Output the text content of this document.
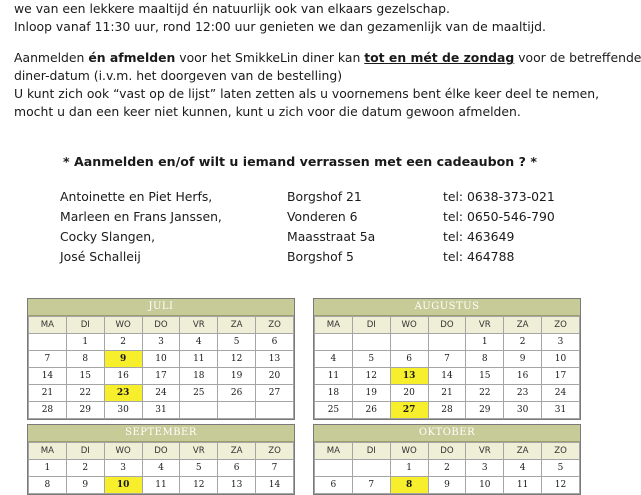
we van een lekkere maaltijd én natuurlijk ook van elkaars gezelschap.

Inloop vanaf 11:30 uur, rond 12:00 uur genieten we dan gezamenlijk van de maaltijd.

Aanmelden én afmelden voor het SmikkeLin diner kan tot en mét de zondag voor de betreffende

diner-datum (i.v.m. het doorgeven van de bestelling)

U kunt zich ook “vast op de lijst” laten zetten als u voornemens bent élke keer deel te nemen,

mocht u dan een keer niet kunnen, kunt u zich voor die datum gewoon afmelden.

* Aanmelden en/of wilt u iemand verrassen met een cadeaubon ? *
Antoinette en Piet Herfs,	Borgshof 21	tel: 0638-373-021
Marleen en Frans Janssen,	Vonderen 6	tel: 0650-546-790
Cocky Slangen,	Maasstraat 5a	tel: 463649
José Schalleij	Borgshof 5	tel: 464788
JULI
MA	DI	WO	DO	VR	ZA	ZO
	1	2	3	4	5	6
7	8	9	10	11	12	13
14	15	16	17	18	19	20
21	22	23	24	25	26	27
28	29	30	31			
AUGUSTUS
MA	DI	WO	DO	VR	ZA	ZO
				1	2	3
4	5	6	7	8	9	10
11	12	13	14	15	16	17
18	19	20	21	22	23	24
25	26	27	28	29	30	31
SEPTEMBER
MA	DI	WO	DO	VR	ZA	ZO
1	2	3	4	5	6	7
8	9	10	11	12	13	14
OKTOBER
MA	DI	WO	DO	VR	ZA	ZO
		1	2	3	4	5
6	7	8	9	10	11	12
